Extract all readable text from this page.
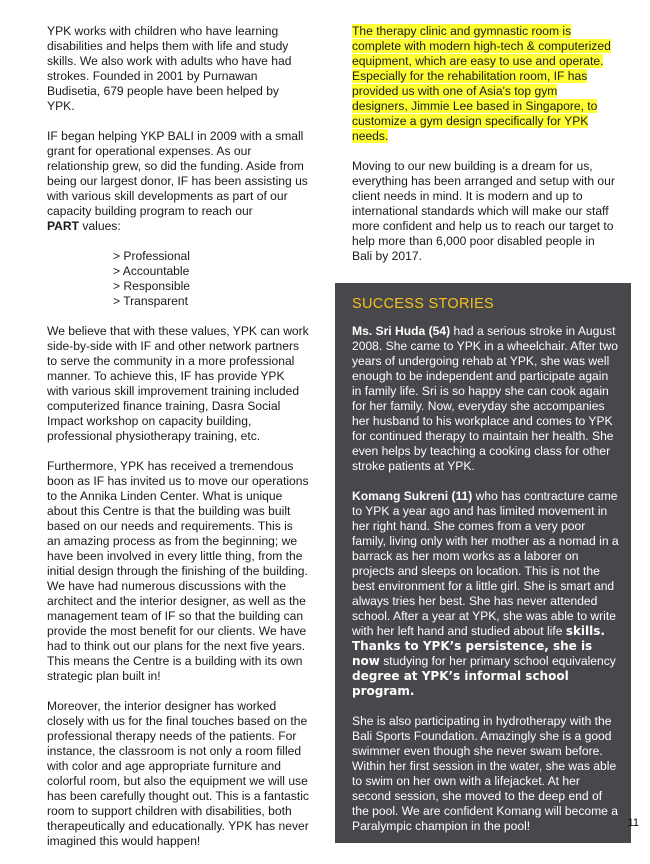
YPK works with children who have learning disabilities and helps them with life and study skills. We also work with adults who have had strokes. Founded in 2001 by Purnawan Budisetia, 679 people have been helped by YPK.

IF began helping YKP BALI in 2009 with a small grant for operational expenses. As our relationship grew, so did the funding. Aside from being our largest donor, IF has been assisting us with various skill developments as part of our capacity building program to reach our
PART values:

> Professional
> Accountable
> Responsible
> Transparent

We believe that with these values, YPK can work side-by-side with IF and other network partners to serve the community in a more professional manner. To achieve this, IF has provide YPK with various skill improvement training included computerized finance training, Dasra Social Impact workshop on capacity building, professional physiotherapy training, etc.

Furthermore, YPK has received a tremendous boon as IF has invited us to move our operations to the Annika Linden Center. What is unique about this Centre is that the building was built based on our needs and requirements. This is an amazing process as from the beginning; we have been involved in every little thing, from the initial design through the finishing of the building. We have had numerous discussions with the architect and the interior designer, as well as the management team of IF so that the building can provide the most benefit for our clients. We have had to think out our plans for the next five years. This means the Centre is a building with its own strategic plan built in!

Moreover, the interior designer has worked closely with us for the final touches based on the professional therapy needs of the patients. For instance, the classroom is not only a room filled with color and age appropriate furniture and colorful room, but also the equipment we will use has been carefully thought out. This is a fantastic room to support children with disabilities, both therapeutically and educationally. YPK has never imagined this would happen!

The therapy clinic and gymnastic room is complete with modern high-tech & computerized equipment, which are easy to use and operate. Especially for the rehabilitation room, IF has provided us with one of Asia's top gym designers, Jimmie Lee based in Singapore, to customize a gym design specifically for YPK needs.

Moving to our new building is a dream for us, everything has been arranged and setup with our client needs in mind. It is modern and up to international standards which will make our staff more confident and help us to reach our target to help more than 6,000 poor disabled people in Bali by 2017.

SUCCESS STORIES

Ms. Sri Huda (54) had a serious stroke in August 2008. She came to YPK in a wheelchair. After two years of undergoing rehab at YPK, she was well enough to be independent and participate again in family life. Sri is so happy she can cook again for her family. Now, everyday she accompanies her husband to his workplace and comes to YPK for continued therapy to maintain her health. She even helps by teaching a cooking class for other stroke patients at YPK.

Komang Sukreni (11) who has contracture came to YPK a year ago and has limited movement in her right hand. She comes from a very poor family, living only with her mother as a nomad in a barrack as her mom works as a laborer on projects and sleeps on location. This is not the best environment for a little girl. She is smart and always tries her best. She has never attended school. After a year at YPK, she was able to write with her left hand and studied about life skills. Thanks to YPK’s persistence, she is now studying for her primary school equivalency degree at YPK’s informal school program.

She is also participating in hydrotherapy with the Bali Sports Foundation. Amazingly she is a good swimmer even though she never swam before. Within her first session in the water, she was able to swim on her own with a lifejacket. At her second session, she moved to the deep end of the pool. We are confident Komang will become a Paralympic champion in the pool!	11
